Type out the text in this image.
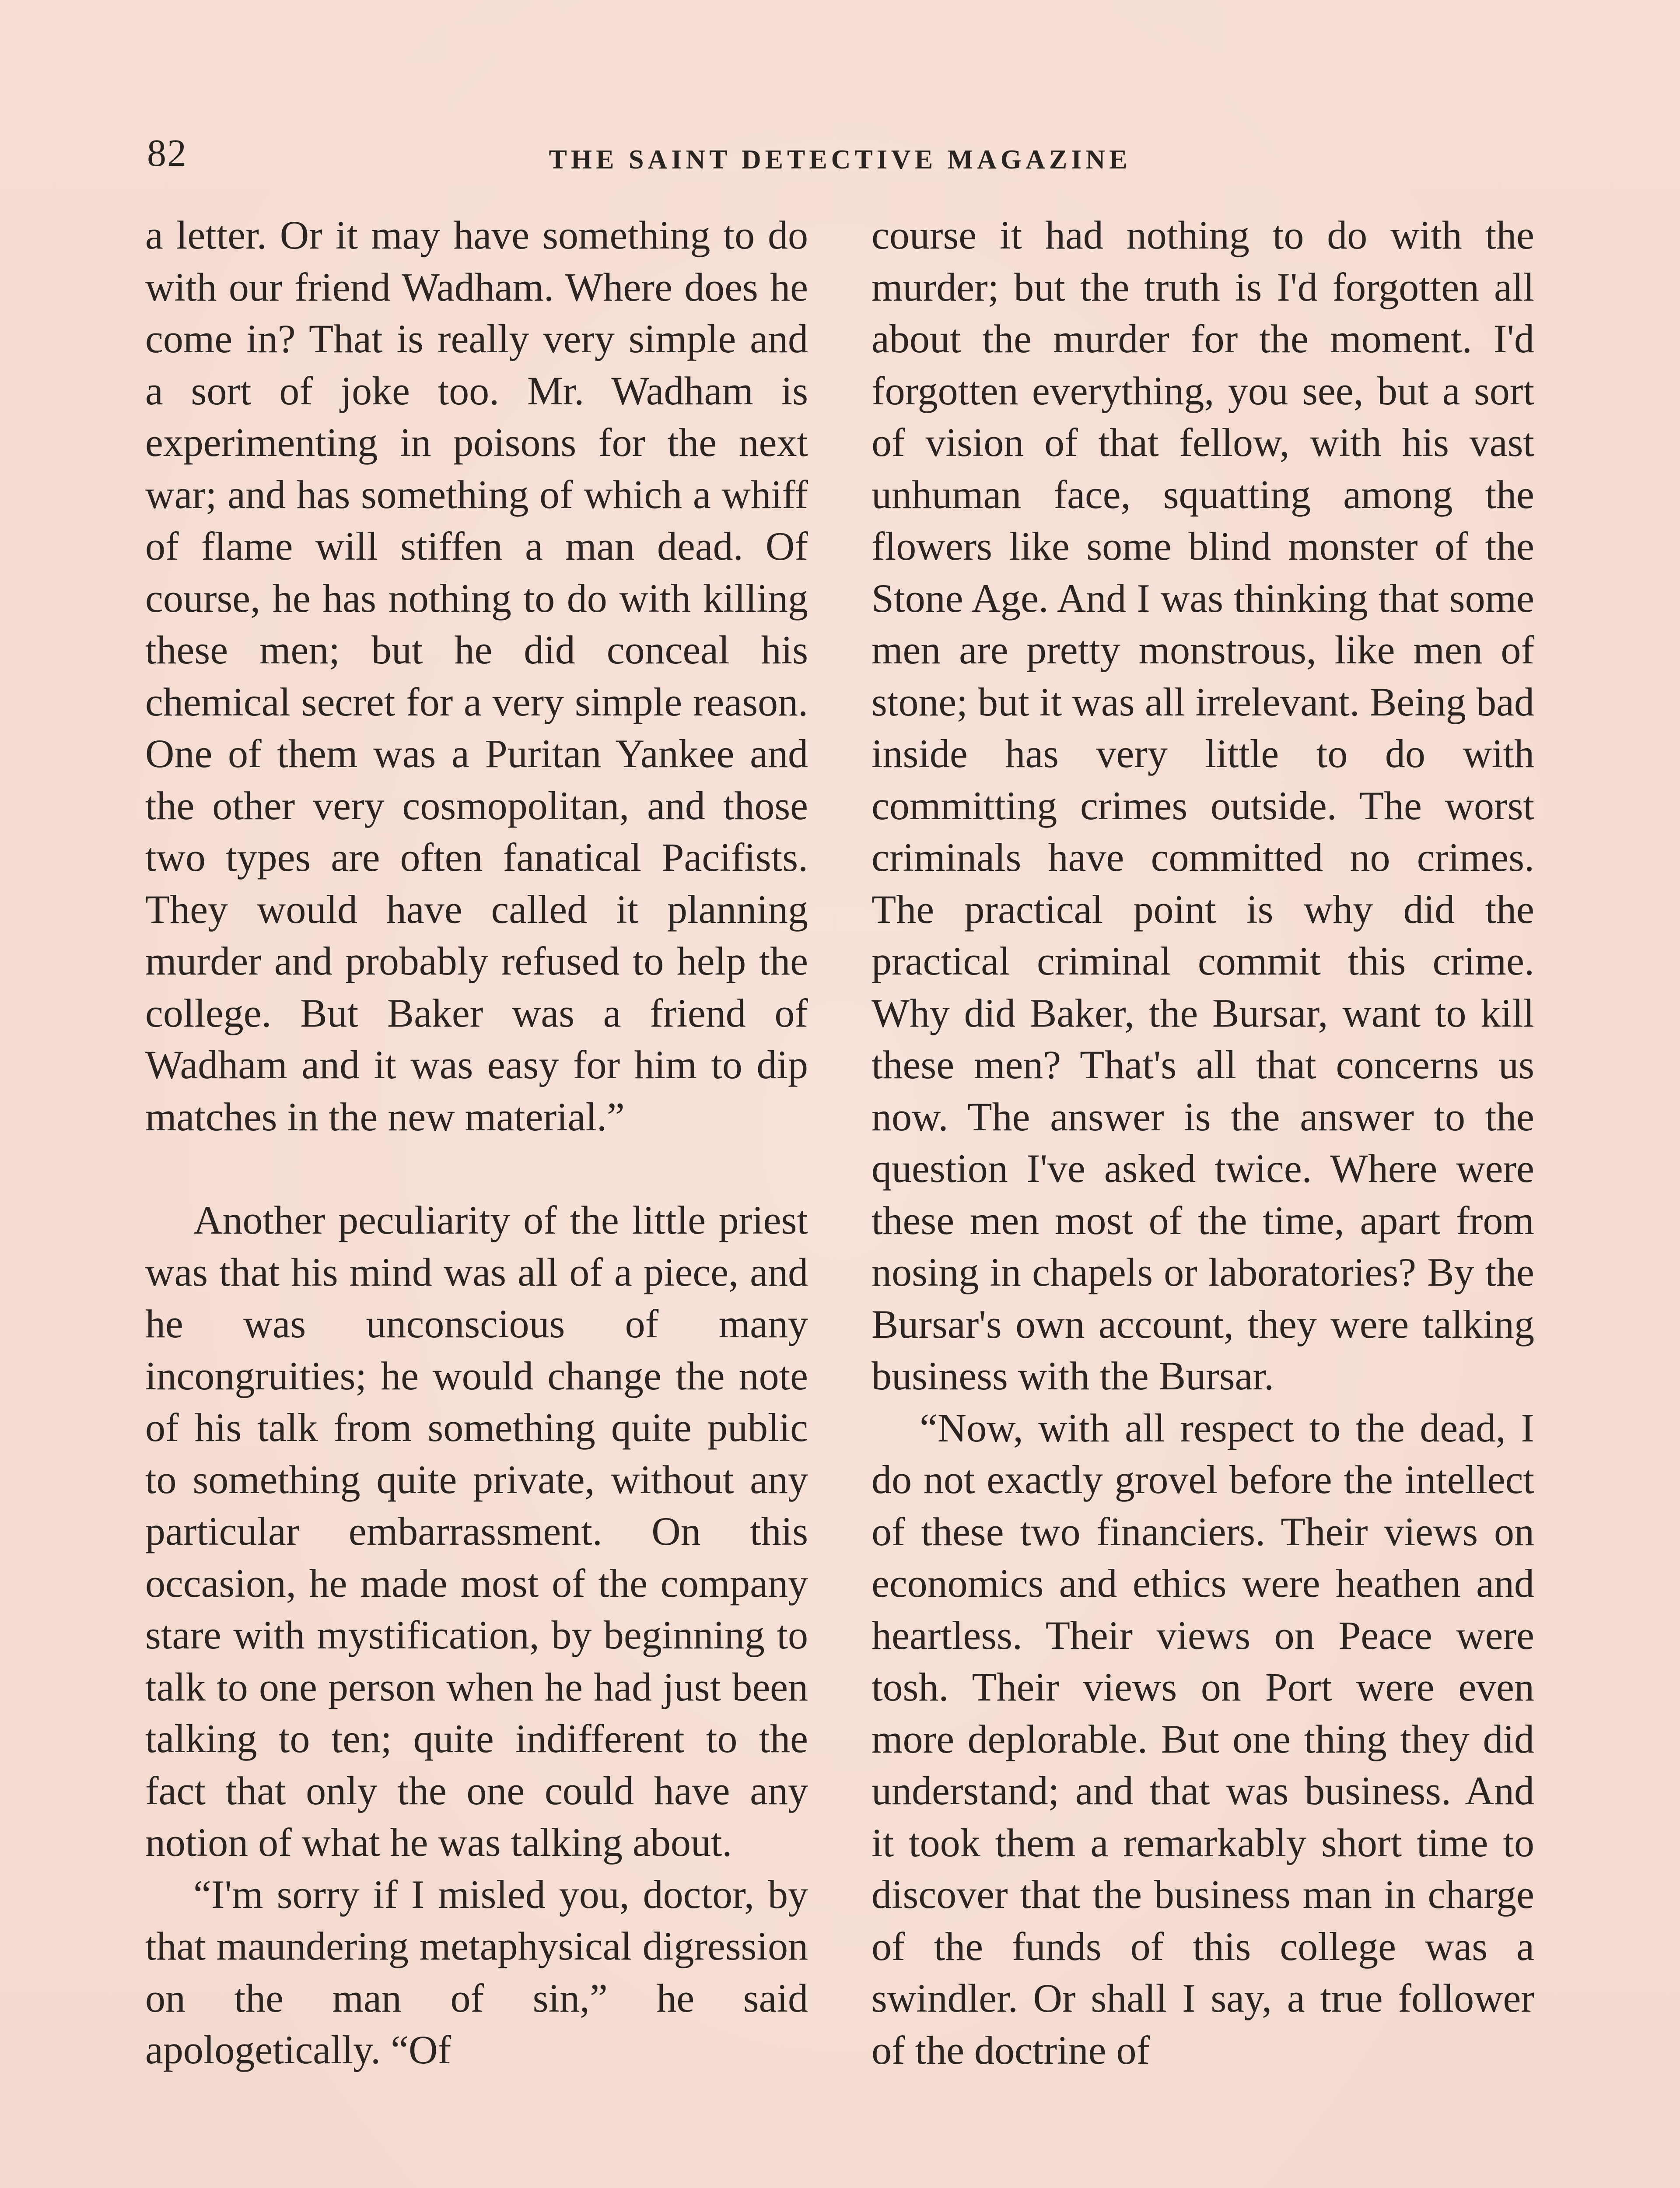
82	THE SAINT DETECTIVE MAGAZINE

a letter. Or it may have something to do with our friend Wadham. Where does he come in? That is really very simple and a sort of joke too. Mr. Wadham is experimenting in poisons for the next war; and has something of which a whiff of flame will stiffen a man dead. Of course, he has nothing to do with killing these men; but he did conceal his chemical secret for a very simple reason. One of them was a Puritan Yankee and the other very cosmopolitan, and those two types are often fanatical Pacifists. They would have called it planning murder and probably refused to help the college. But Baker was a friend of Wadham and it was easy for him to dip matches in the new material.”

Another peculiarity of the little priest was that his mind was all of a piece, and he was unconscious of many incongruities; he would change the note of his talk from something quite public to something quite private, without any particular embarrassment. On this occasion, he made most of the company stare with mystification, by beginning to talk to one person when he had just been talking to ten; quite indifferent to the fact that only the one could have any notion of what he was talking about.

“I'm sorry if I misled you, doctor, by that maundering metaphysical digression on the man of sin,” he said apologetically. “Of

course it had nothing to do with the murder; but the truth is I'd forgotten all about the murder for the moment. I'd forgotten everything, you see, but a sort of vision of that fellow, with his vast unhuman face, squatting among the flowers like some blind monster of the Stone Age. And I was thinking that some men are pretty monstrous, like men of stone; but it was all irrelevant. Being bad inside has very little to do with committing crimes outside. The worst criminals have committed no crimes. The practical point is why did the practical criminal commit this crime. Why did Baker, the Bursar, want to kill these men? That's all that concerns us now. The answer is the answer to the question I've asked twice. Where were these men most of the time, apart from nosing in chapels or laboratories? By the Bursar's own account, they were talking business with the Bursar.

“Now, with all respect to the dead, I do not exactly grovel before the intellect of these two financiers. Their views on economics and ethics were heathen and heartless. Their views on Peace were tosh. Their views on Port were even more deplorable. But one thing they did understand; and that was business. And it took them a remarkably short time to discover that the business man in charge of the funds of this college was a swindler. Or shall I say, a true follower of the doctrine of
